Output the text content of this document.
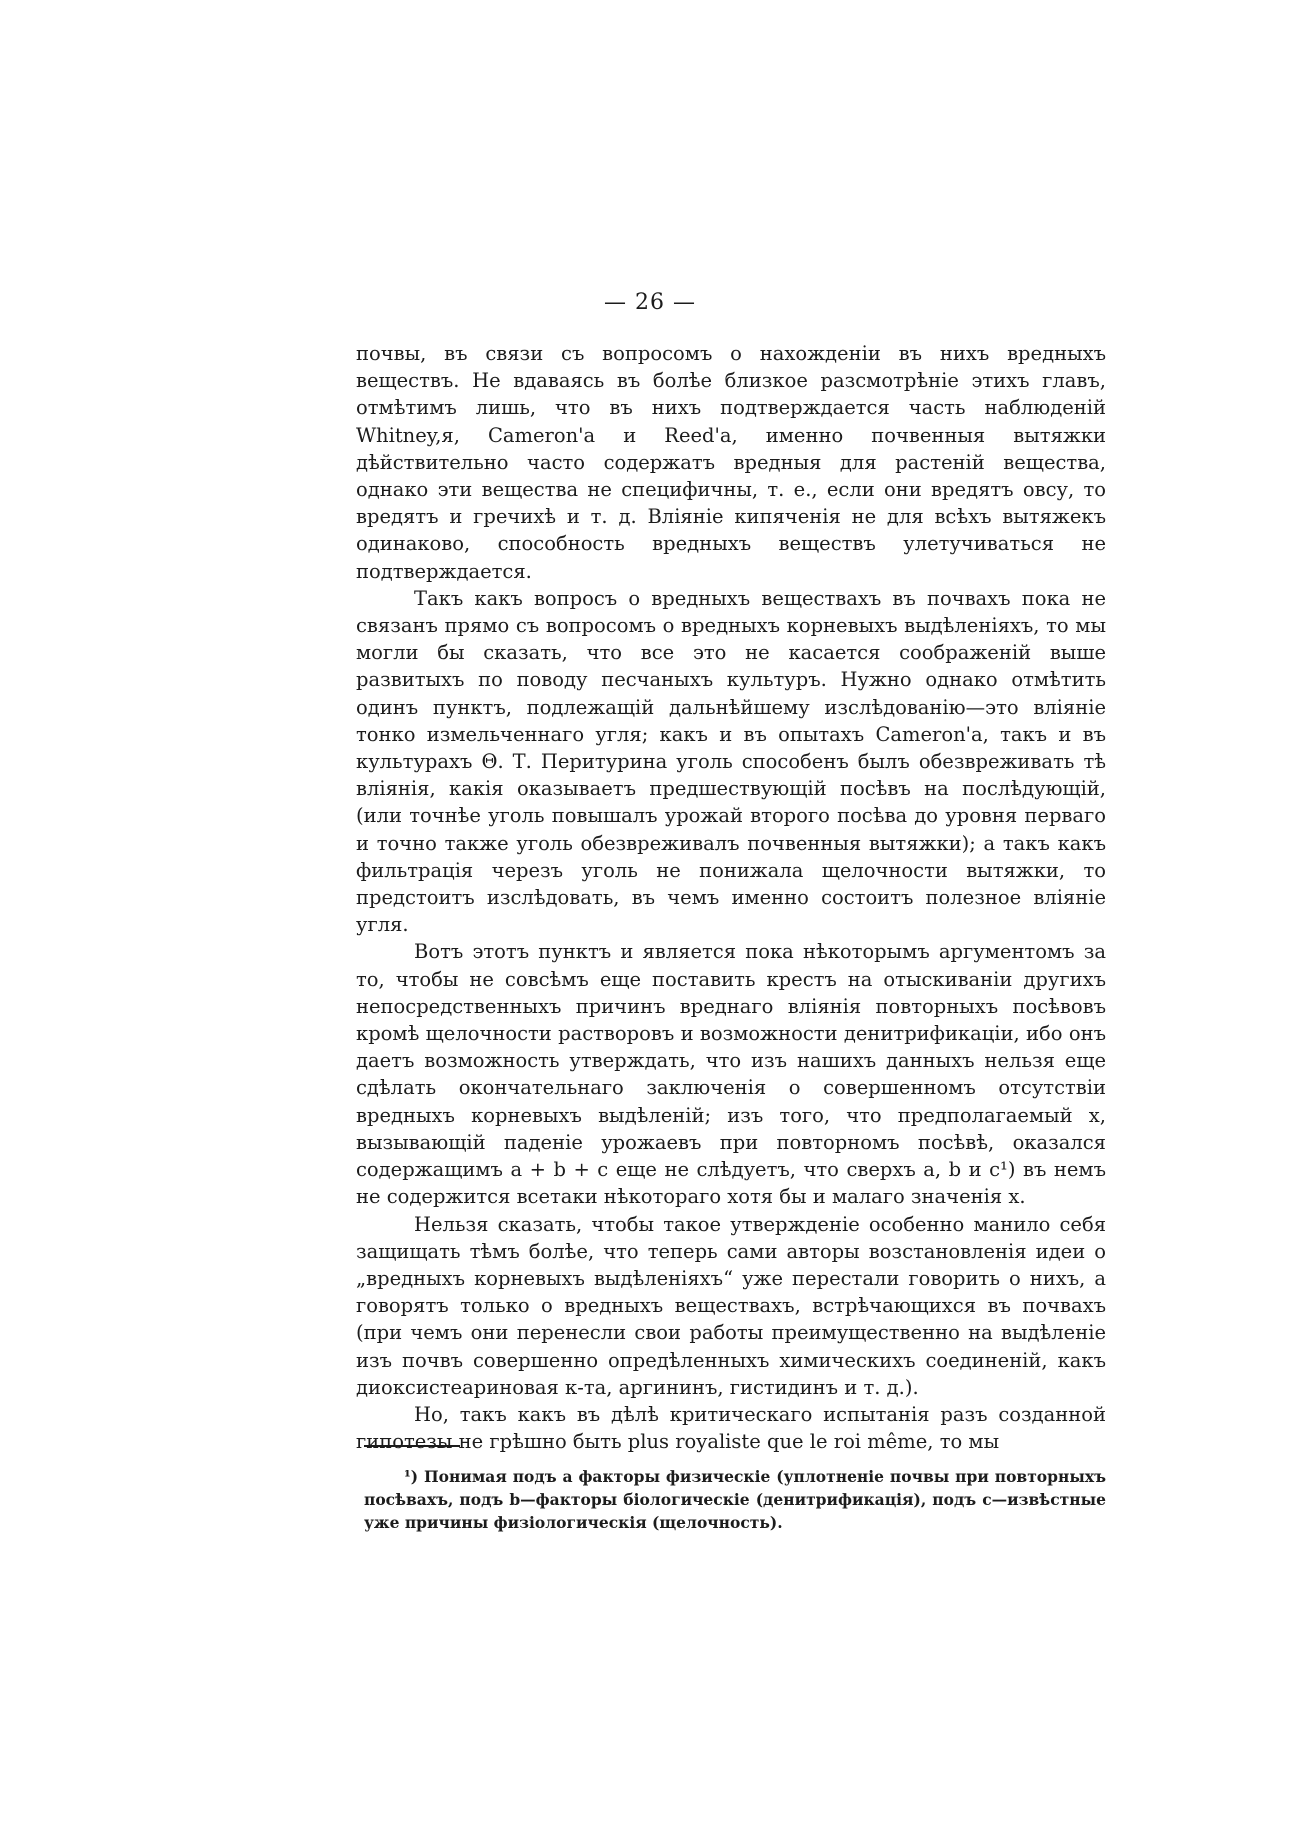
— 26 —

почвы, въ связи съ вопросомъ о нахожденіи въ нихъ вредныхъ веществъ. Не вдаваясь въ болѣе близкое разсмотрѣніе этихъ главъ, отмѣтимъ лишь, что въ нихъ подтверждается часть наблюденій Whitney,я, Cameron'а и Reed'а, именно почвенныя вытяжки дѣйствительно часто содержатъ вредныя для растеній вещества, однако эти вещества не специфичны, т. е., если они вредятъ овсу, то вредятъ и гречихѣ и т. д. Вліяніе кипяченія не для всѣхъ вытяжекъ одинаково, способность вредныхъ веществъ улетучиваться не подтверждается.

Такъ какъ вопросъ о вредныхъ веществахъ въ почвахъ пока не связанъ прямо съ вопросомъ о вредныхъ корневыхъ выдѣленіяхъ, то мы могли бы сказать, что все это не касается соображеній выше развитыхъ по поводу песчаныхъ культуръ. Нужно однако отмѣтить одинъ пунктъ, подлежащій дальнѣйшему изслѣдованію—это вліяніе тонко измельченнаго угля; какъ и въ опытахъ Cameron'а, такъ и въ культурахъ Θ. Т. Перитурина уголь способенъ былъ обезвреживать тѣ вліянія, какія оказываетъ предшествующій посѣвъ на послѣдующій, (или точнѣе уголь повышалъ урожай второго посѣва до уровня перваго и точно также уголь обезвреживалъ почвенныя вытяжки); а такъ какъ фильтрація черезъ уголь не понижала щелочности вытяжки, то предстоитъ изслѣдовать, въ чемъ именно состоитъ полезное вліяніе угля.

Вотъ этотъ пунктъ и является пока нѣкоторымъ аргументомъ за то, чтобы не совсѣмъ еще поставить крестъ на отыскиваніи другихъ непосредственныхъ причинъ вреднаго вліянія повторныхъ посѣвовъ кромѣ щелочности растворовъ и возможности денитрификаціи, ибо онъ даетъ возможность утверждать, что изъ нашихъ данныхъ нельзя еще сдѣлать окончательнаго заключенія о совершенномъ отсутствіи вредныхъ корневыхъ выдѣленій; изъ того, что предполагаемый x, вызывающій паденіе урожаевъ при повторномъ посѣвѣ, оказался содержащимъ a + b + c еще не слѣдуетъ, что сверхъ a, b и c¹) въ немъ не содержится всетаки нѣкотораго хотя бы и малаго значенія x.

Нельзя сказать, чтобы такое утвержденіе особенно манило себя защищать тѣмъ болѣе, что теперь сами авторы возстановленія идеи о „вредныхъ корневыхъ выдѣленіяхъ“ уже перестали говорить о нихъ, а говорятъ только о вредныхъ веществахъ, встрѣчающихся въ почвахъ (при чемъ они перенесли свои работы преимущественно на выдѣленіе изъ почвъ совершенно опредѣленныхъ химическихъ соединеній, какъ диоксистеариновая к-та, аргининъ, гистидинъ и т. д.).

Но, такъ какъ въ дѣлѣ критическаго испытанія разъ созданной гипотезы не грѣшно быть plus royaliste que le roi même, то мы

¹) Понимая подъ a факторы физическіе (уплотненіе почвы при повторныхъ посѣвахъ, подъ b—факторы біологическіе (денитрификація), подъ c—извѣстные уже причины физіологическія (щелочность).
